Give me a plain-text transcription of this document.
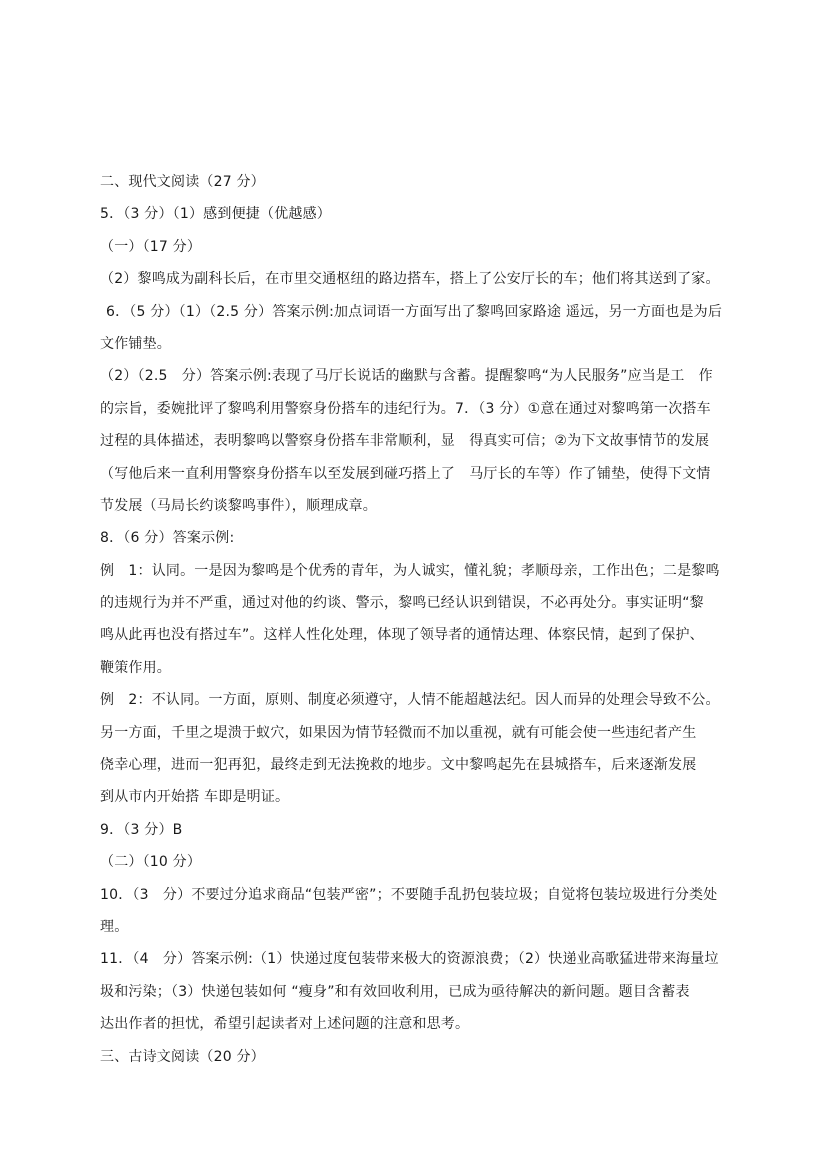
二、现代文阅读（27 分）
5．（3 分）（1）感到便捷（优越感）
（一）（17 分）
（2）黎鸣成为副科长后，在市里交通枢纽的路边搭车，搭上了公安厅长的车；他们将其送到了家。
6．（5 分）（1）（2.5 分）答案示例:加点词语一方面写出了黎鸣回家路途 遥远，另一方面也是为后
文作铺垫。
（2）（2.5　分）答案示例:表现了马厅长说话的幽默与含蓄。提醒黎鸣“为人民服务”应当是工　作
的宗旨，委婉批评了黎鸣利用警察身份搭车的违纪行为。7．（3 分）①意在通过对黎鸣第一次搭车
过程的具体描述，表明黎鸣以警察身份搭车非常顺利，显　得真实可信；②为下文故事情节的发展
（写他后来一直利用警察身份搭车以至发展到碰巧搭上了　马厅长的车等）作了铺垫，使得下文情
节发展（马局长约谈黎鸣事件），顺理成章。
8．（6 分）答案示例:
例　1：认同。一是因为黎鸣是个优秀的青年，为人诚实，懂礼貌；孝顺母亲，工作出色；二是黎鸣
的违规行为并不严重，通过对他的约谈、警示，黎鸣已经认识到错误，不必再处分。事实证明“黎
鸣从此再也没有搭过车”。这样人性化处理，体现了领导者的通情达理、体察民情，起到了保护、
鞭策作用。
例　2：不认同。一方面，原则、制度必须遵守，人情不能超越法纪。因人而异的处理会导致不公。
另一方面，千里之堤溃于蚁穴，如果因为情节轻微而不加以重视，就有可能会使一些违纪者产生
侥幸心理，进而一犯再犯，最终走到无法挽救的地步。文中黎鸣起先在县城搭车，后来逐渐发展
到从市内开始搭 车即是明证。
9．（3 分）B
（二）（10 分）
10．（3　分）不要过分追求商品“包装严密”；不要随手乱扔包装垃圾；自觉将包装垃圾进行分类处
理。
11．（4　分）答案示例:（1）快递过度包装带来极大的资源浪费；（2）快递业高歌猛进带来海量垃
圾和污染；（3）快递包装如何 “瘦身”和有效回收利用，已成为亟待解决的新问题。题目含蓄表
达出作者的担忧，希望引起读者对上述问题的注意和思考。
三、古诗文阅读（20 分）
